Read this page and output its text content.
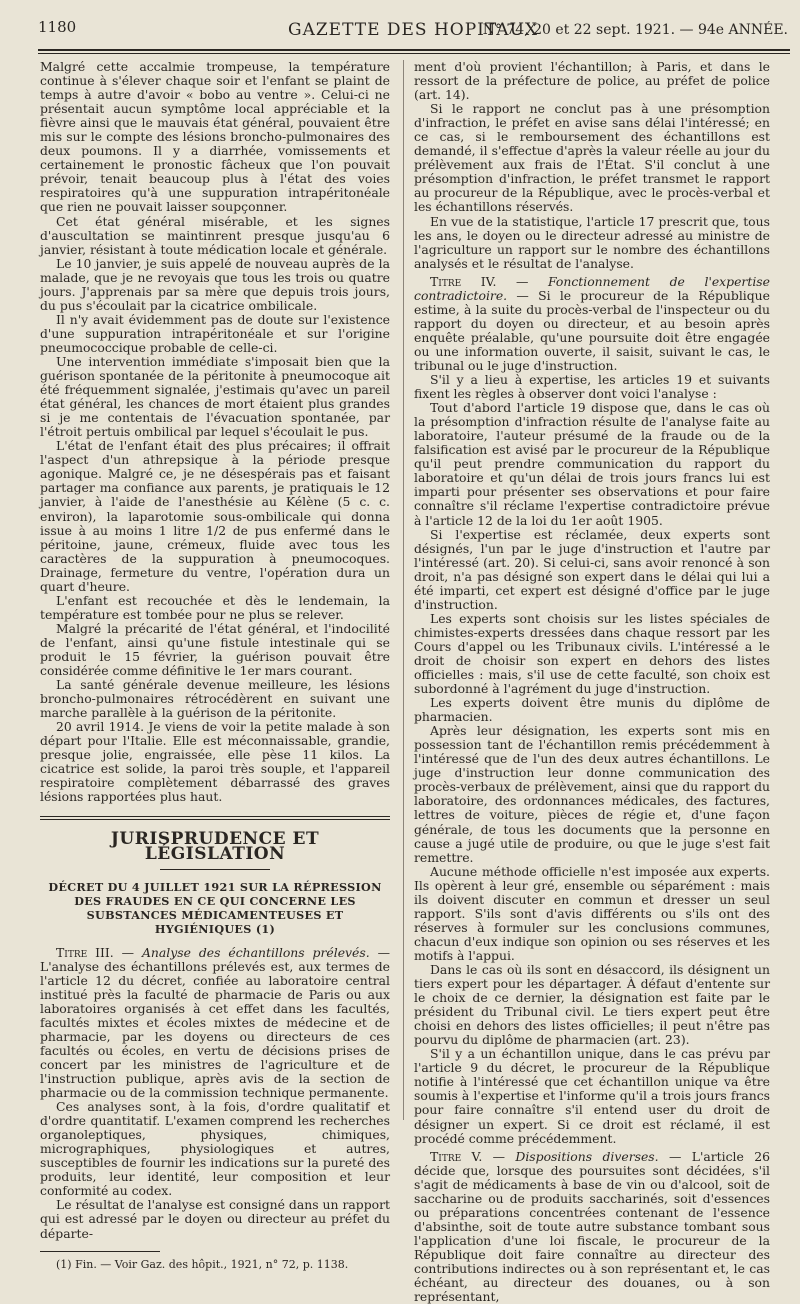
1180	GAZETTE DES HOPITAUX
N° 74, 20 et 22 sept. 1921. — 94e ANNÉE.

Malgré cette accalmie trompeuse, la température continue à s'élever chaque soir et l'enfant se plaint de temps à autre d'avoir « bobo au ventre ». Celui-ci ne présentait aucun symptôme local appréciable et la fièvre ainsi que le mauvais état général, pouvaient être mis sur le compte des lésions broncho-pulmonaires des deux poumons. Il y a diarrhée, vomissements et certainement le pronostic fâcheux que l'on pouvait prévoir, tenait beaucoup plus à l'état des voies respiratoires qu'à une suppuration intrapéritonéale que rien ne pouvait laisser soupçonner.

Cet état général misérable, et les signes d'auscultation se maintinrent presque jusqu'au 6 janvier, résistant à toute médication locale et générale.

Le 10 janvier, je suis appelé de nouveau auprès de la malade, que je ne revoyais que tous les trois ou quatre jours. J'apprenais par sa mère que depuis trois jours, du pus s'écoulait par la cicatrice ombilicale.

Il n'y avait évidemment pas de doute sur l'existence d'une suppuration intrapéritonéale et sur l'origine pneumococcique probable de celle-ci.

Une intervention immédiate s'imposait bien que la guérison spontanée de la péritonite à pneumocoque ait été fréquemment signalée, j'estimais qu'avec un pareil état général, les chances de mort étaient plus grandes si je me contentais de l'évacuation spontanée, par l'étroit pertuis ombilical par lequel s'écoulait le pus.

L'état de l'enfant était des plus précaires; il offrait l'aspect d'un athrepsique à la période presque agonique. Malgré ce, je ne désespérais pas et faisant partager ma confiance aux parents, je pratiquais le 12 janvier, à l'aide de l'anesthésie au Kélène (5 c. c. environ), la laparotomie sous-ombilicale qui donna issue à au moins 1 litre 1/2 de pus enfermé dans le péritoine, jaune, crémeux, fluide avec tous les caractères de la suppuration à pneumocoques. Drainage, fermeture du ventre, l'opération dura un quart d'heure.

L'enfant est recouchée et dès le lendemain, la température est tombée pour ne plus se relever.

Malgré la précarité de l'état général, et l'indocilité de l'enfant, ainsi qu'une fistule intestinale qui se produit le 15 février, la guérison pouvait être considérée comme définitive le 1er mars courant.

La santé générale devenue meilleure, les lésions broncho-pulmonaires rétrocédèrent en suivant une marche parallèle à la guérison de la péritonite.

20 avril 1914. Je viens de voir la petite malade à son départ pour l'Italie. Elle est méconnaissable, grandie, presque jolie, engraissée, elle pèse 11 kilos. La cicatrice est solide, la paroi très souple, et l'appareil respiratoire complètement débarrassé des graves lésions rapportées plus haut.

JURISPRUDENCE ET LÉGISLATION
DÉCRET DU 4 JUILLET 1921 SUR LA RÉPRESSION DES FRAUDES EN CE QUI CONCERNE LES SUBSTANCES MÉDICAMENTEUSES ET HYGIÉNIQUES (1)

Titre III. — Analyse des échantillons prélevés. — L'analyse des échantillons prélevés est, aux termes de l'article 12 du décret, confiée au laboratoire central institué près la faculté de pharmacie de Paris ou aux laboratoires organisés à cet effet dans les facultés, facultés mixtes et écoles mixtes de médecine et de pharmacie, par les doyens ou directeurs de ces facultés ou écoles, en vertu de décisions prises de concert par les ministres de l'agriculture et de l'instruction publique, après avis de la section de pharmacie ou de la commission technique permanente.

Ces analyses sont, à la fois, d'ordre qualitatif et d'ordre quantitatif. L'examen comprend les recherches organoleptiques, physiques, chimiques, micrographiques, physiologiques et autres, susceptibles de fournir les indications sur la pureté des produits, leur identité, leur composition et leur conformité au codex.

Le résultat de l'analyse est consigné dans un rapport qui est adressé par le doyen ou directeur au préfet du départe-

(1) Fin. — Voir Gaz. des hôpit., 1921, n° 72, p. 1138.

ment d'où provient l'échantillon; à Paris, et dans le ressort de la préfecture de police, au préfet de police (art. 14).

Si le rapport ne conclut pas à une présomption d'infraction, le préfet en avise sans délai l'intéressé; en ce cas, si le remboursement des échantillons est demandé, il s'effectue d'après la valeur réelle au jour du prélèvement aux frais de l'État. S'il conclut à une présomption d'infraction, le préfet transmet le rapport au procureur de la République, avec le procès-verbal et les échantillons réservés.

En vue de la statistique, l'article 17 prescrit que, tous les ans, le doyen ou le directeur adressé au ministre de l'agriculture un rapport sur le nombre des échantillons analysés et le résultat de l'analyse.

Titre IV. — Fonctionnement de l'expertise contradictoire. — Si le procureur de la République estime, à la suite du procès-verbal de l'inspecteur ou du rapport du doyen ou directeur, et au besoin après enquête préalable, qu'une poursuite doit être engagée ou une information ouverte, il saisit, suivant le cas, le tribunal ou le juge d'instruction.

S'il y a lieu à expertise, les articles 19 et suivants fixent les règles à observer dont voici l'analyse :

Tout d'abord l'article 19 dispose que, dans le cas où la présomption d'infraction résulte de l'analyse faite au laboratoire, l'auteur présumé de la fraude ou de la falsification est avisé par le procureur de la République qu'il peut prendre communication du rapport du laboratoire et qu'un délai de trois jours francs lui est imparti pour présenter ses observations et pour faire connaître s'il réclame l'expertise contradictoire prévue à l'article 12 de la loi du 1er août 1905.

Si l'expertise est réclamée, deux experts sont désignés, l'un par le juge d'instruction et l'autre par l'intéressé (art. 20). Si celui-ci, sans avoir renoncé à son droit, n'a pas désigné son expert dans le délai qui lui a été imparti, cet expert est désigné d'office par le juge d'instruction.

Les experts sont choisis sur les listes spéciales de chimistes-experts dressées dans chaque ressort par les Cours d'appel ou les Tribunaux civils. L'intéressé a le droit de choisir son expert en dehors des listes officielles : mais, s'il use de cette faculté, son choix est subordonné à l'agrément du juge d'instruction.

Les experts doivent être munis du diplôme de pharmacien.

Après leur désignation, les experts sont mis en possession tant de l'échantillon remis précédemment à l'intéressé que de l'un des deux autres échantillons. Le juge d'instruction leur donne communication des procès-verbaux de prélèvement, ainsi que du rapport du laboratoire, des ordonnances médicales, des factures, lettres de voiture, pièces de régie et, d'une façon générale, de tous les documents que la personne en cause a jugé utile de produire, ou que le juge s'est fait remettre.

Aucune méthode officielle n'est imposée aux experts. Ils opèrent à leur gré, ensemble ou séparément : mais ils doivent discuter en commun et dresser un seul rapport. S'ils sont d'avis différents ou s'ils ont des réserves à formuler sur les conclusions communes, chacun d'eux indique son opinion ou ses réserves et les motifs à l'appui.

Dans le cas où ils sont en désaccord, ils désignent un tiers expert pour les départager. À défaut d'entente sur le choix de ce dernier, la désignation est faite par le président du Tribunal civil. Le tiers expert peut être choisi en dehors des listes officielles; il peut n'être pas pourvu du diplôme de pharmacien (art. 23).

S'il y a un échantillon unique, dans le cas prévu par l'article 9 du décret, le procureur de la République notifie à l'intéressé que cet échantillon unique va être soumis à l'expertise et l'informe qu'il a trois jours francs pour faire connaître s'il entend user du droit de désigner un expert. Si ce droit est réclamé, il est procédé comme précédemment.

Titre V. — Dispositions diverses. — L'article 26 décide que, lorsque des poursuites sont décidées, s'il s'agit de médicaments à base de vin ou d'alcool, soit de saccharine ou de produits saccharinés, soit d'essences ou préparations concentrées contenant de l'essence d'absinthe, soit de toute autre substance tombant sous l'application d'une loi fiscale, le procureur de la République doit faire connaître au directeur des contributions indirectes ou à son représentant et, le cas échéant, au directeur des douanes, ou à son représentant,
